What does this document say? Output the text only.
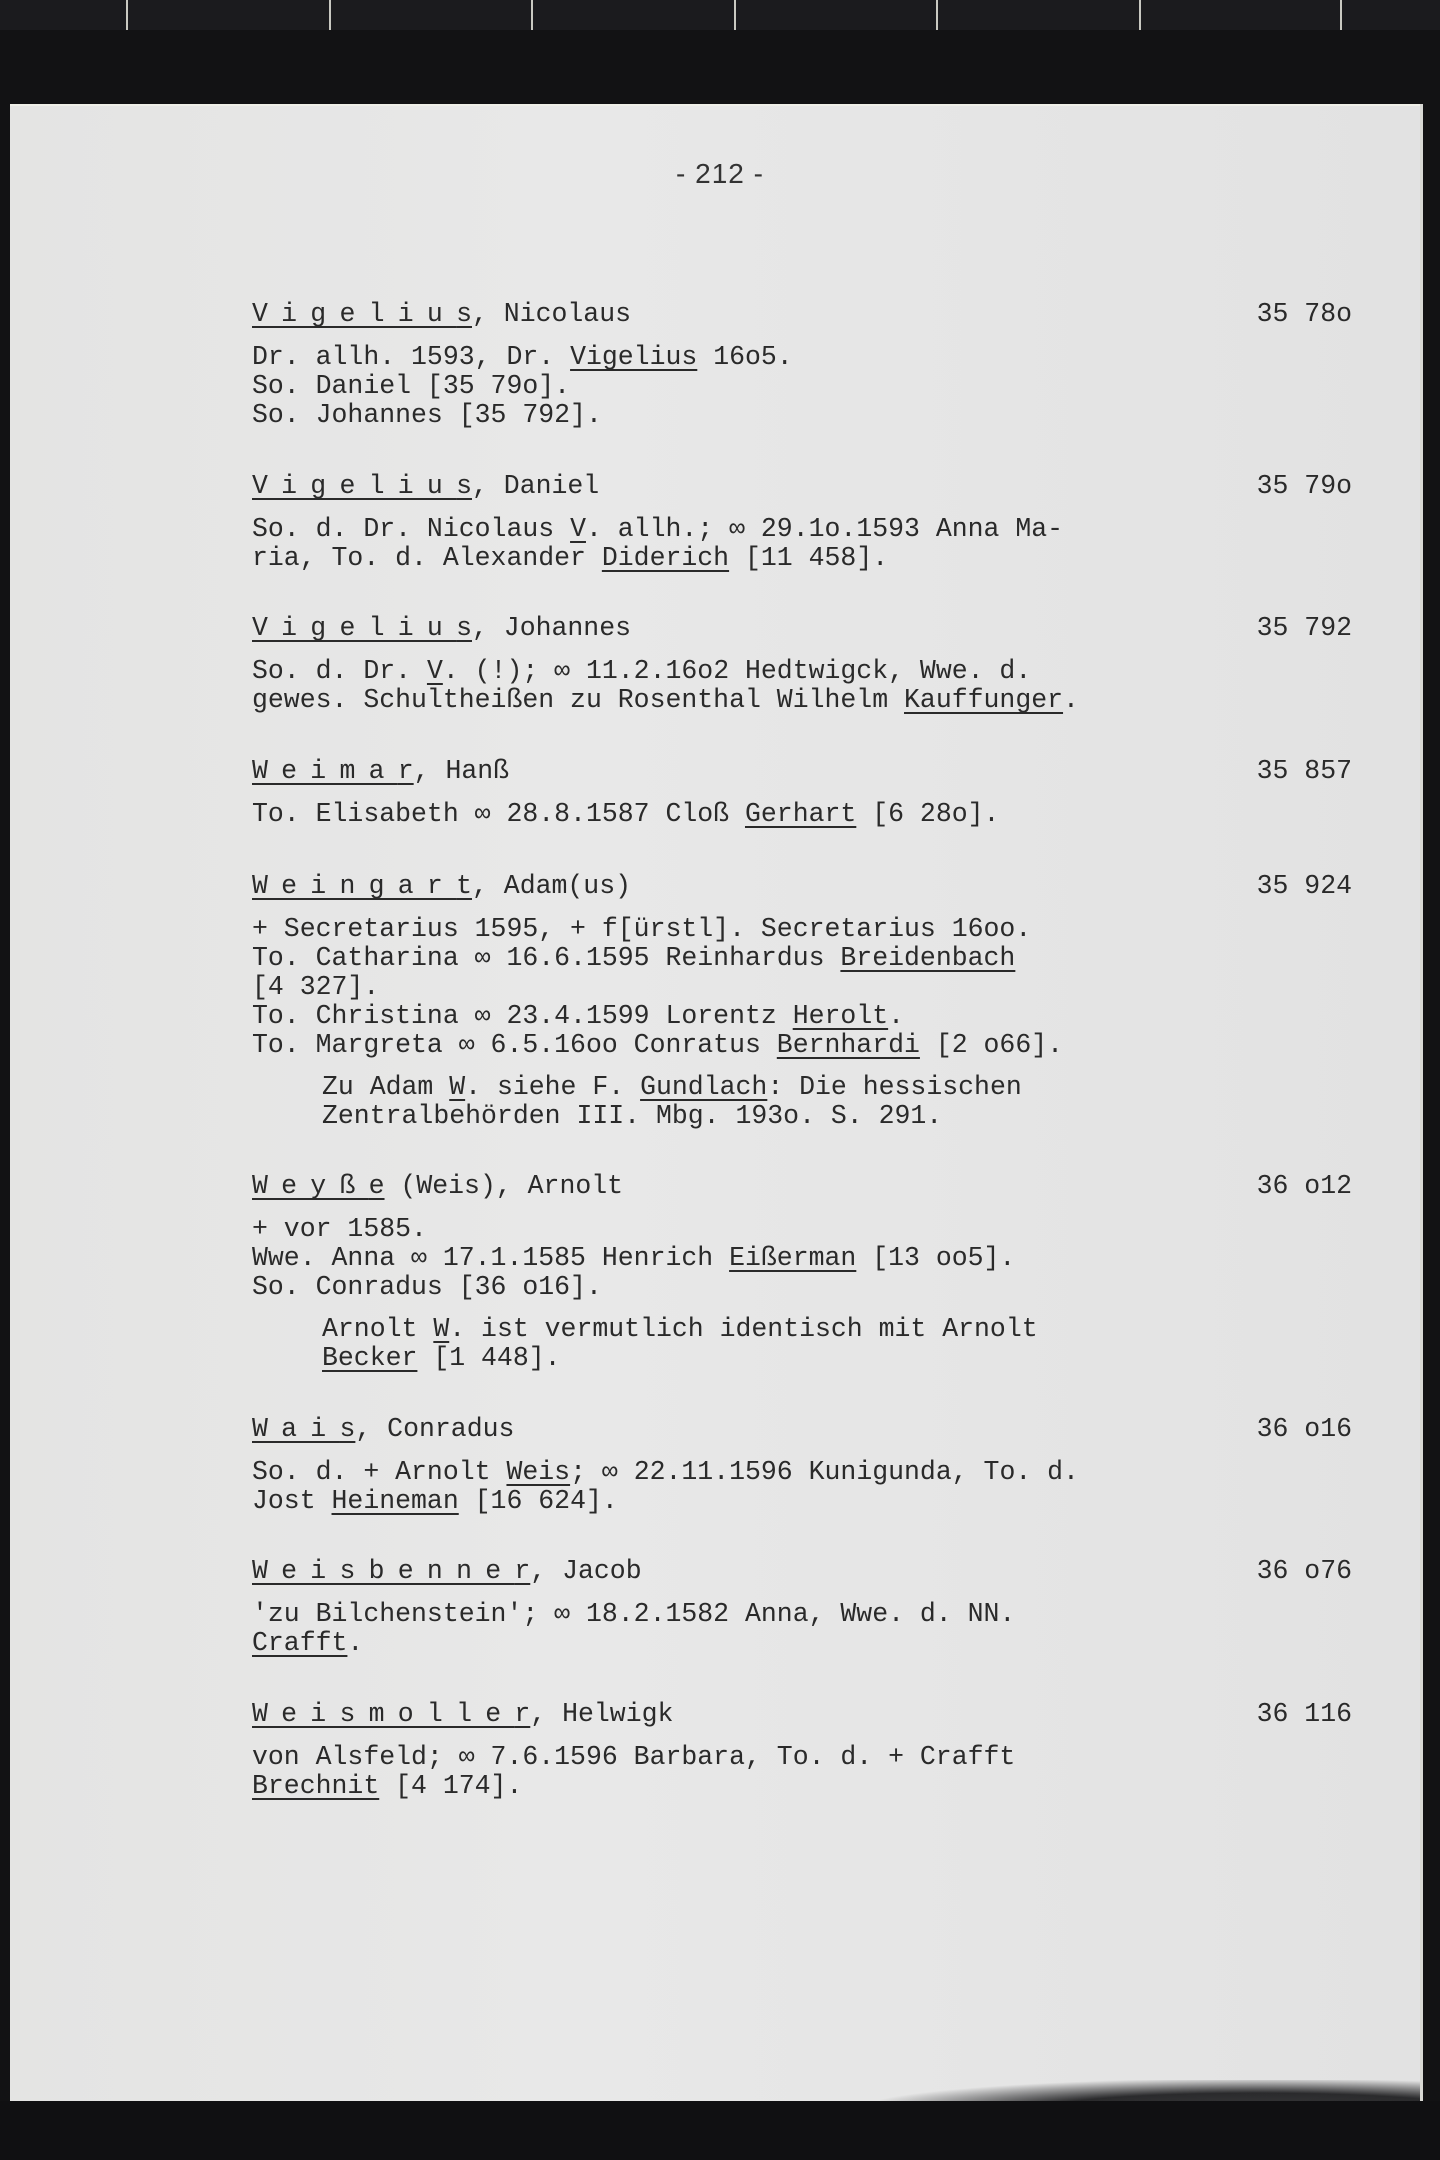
- 212 -
Vigelius, Nicolaus	35 78o
Dr. allh. 1593, Dr. Vigelius 16o5.
So. Daniel [35 79o].
So. Johannes [35 792].
Vigelius, Daniel	35 79o
So. d. Dr. Nicolaus V. allh.; ∞ 29.1o.1593 Anna Ma-
ria, To. d. Alexander Diderich [11 458].
Vigelius, Johannes	35 792
So. d. Dr. V. (!); ∞ 11.2.16o2 Hedtwigck, Wwe. d.
gewes. Schultheißen zu Rosenthal Wilhelm Kauffunger.
Weimar, Hanß	35 857
To. Elisabeth ∞ 28.8.1587 Cloß Gerhart [6 28o].
Weingart, Adam(us)	35 924
+ Secretarius 1595, + f[ürstl]. Secretarius 16oo.
To. Catharina ∞ 16.6.1595 Reinhardus Breidenbach
[4 327].
To. Christina ∞ 23.4.1599 Lorentz Herolt.
To. Margreta ∞ 6.5.16oo Conratus Bernhardi [2 o66].
Zu Adam W. siehe F. Gundlach: Die hessischen
Zentralbehörden III. Mbg. 193o. S. 291.
Weyße (Weis), Arnolt	36 o12
+ vor 1585.
Wwe. Anna ∞ 17.1.1585 Henrich Eißerman [13 oo5].
So. Conradus [36 o16].
Arnolt W. ist vermutlich identisch mit Arnolt
Becker [1 448].
Wais, Conradus	36 o16
So. d. + Arnolt Weis; ∞ 22.11.1596 Kunigunda, To. d.
Jost Heineman [16 624].
Weisbenner, Jacob	36 o76
'zu Bilchenstein'; ∞ 18.2.1582 Anna, Wwe. d. NN.
Crafft.
Weismoller, Helwigk	36 116
von Alsfeld; ∞ 7.6.1596 Barbara, To. d. + Crafft
Brechnit [4 174].
